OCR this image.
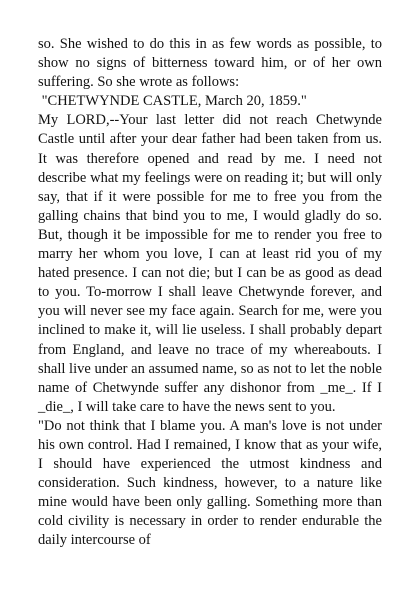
so. She wished to do this in as few words as possible, to show no signs of bitterness toward him, or of her own suffering. So she wrote as follows:

"CHETWYNDE CASTLE, March 20, 1859."

My LORD,--Your last letter did not reach Chetwynde Castle until after your dear father had been taken from us. It was therefore opened and read by me. I need not describe what my feelings were on reading it; but will only say, that if it were possible for me to free you from the galling chains that bind you to me, I would gladly do so. But, though it be impossible for me to render you free to marry her whom you love, I can at least rid you of my hated presence. I can not die; but I can be as good as dead to you. To-morrow I shall leave Chetwynde forever, and you will never see my face again. Search for me, were you inclined to make it, will lie useless. I shall probably depart from England, and leave no trace of my whereabouts. I shall live under an assumed name, so as not to let the noble name of Chetwynde suffer any dishonor from _me_. If I _die_, I will take care to have the news sent to you.

"Do not think that I blame you. A man's love is not under his own control. Had I remained, I know that as your wife, I should have experienced the utmost kindness and consideration. Such kindness, however, to a nature like mine would have been only galling. Something more than cold civility is necessary in order to render endurable the daily intercourse of
